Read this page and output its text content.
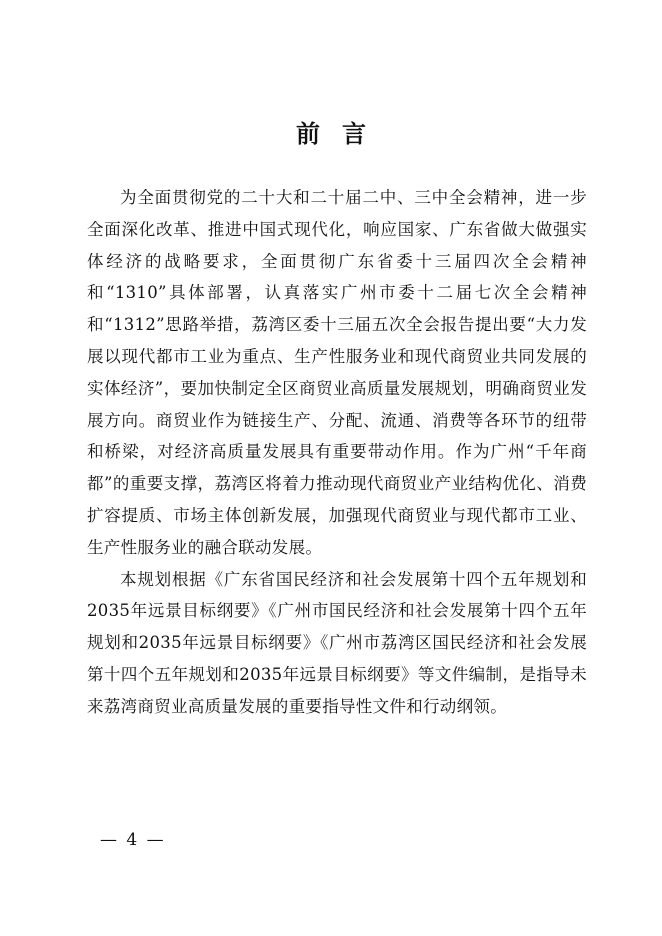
前言

为全面贯彻党的二十大和二十届二中、三中全会精神，进一步全面深化改革、推进中国式现代化，响应国家、广东省做大做强实体经济的战略要求，全面贯彻广东省委十三届四次全会精神和“1310”具体部署，认真落实广州市委十二届七次全会精神和“1312”思路举措，荔湾区委十三届五次全会报告提出要“大力发展以现代都市工业为重点、生产性服务业和现代商贸业共同发展的实体经济”，要加快制定全区商贸业高质量发展规划，明确商贸业发展方向。商贸业作为链接生产、分配、流通、消费等各环节的纽带和桥梁，对经济高质量发展具有重要带动作用。作为广州“千年商都”的重要支撑，荔湾区将着力推动现代商贸业产业结构优化、消费扩容提质、市场主体创新发展，加强现代商贸业与现代都市工业、生产性服务业的融合联动发展。

本规划根据《广东省国民经济和社会发展第十四个五年规划和2035年远景目标纲要》《广州市国民经济和社会发展第十四个五年规划和2035年远景目标纲要》《广州市荔湾区国民经济和社会发展第十四个五年规划和2035年远景目标纲要》等文件编制，是指导未来荔湾商贸业高质量发展的重要指导性文件和行动纲领。

— 4 —
